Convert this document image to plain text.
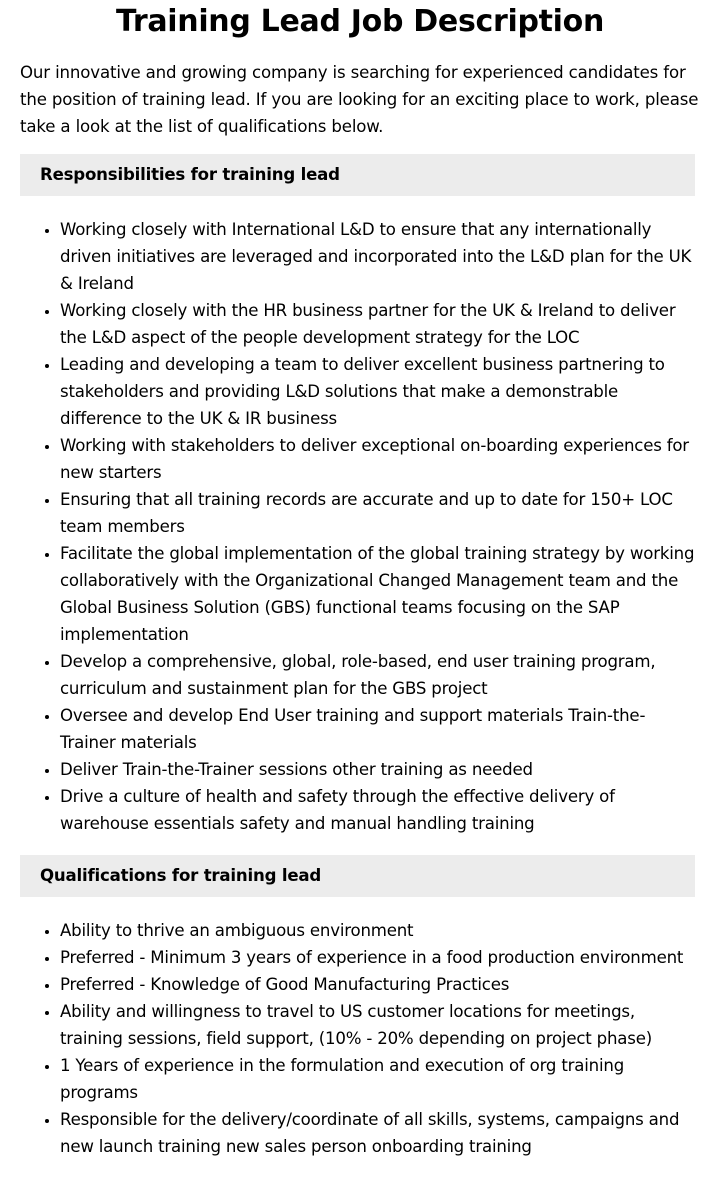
Training Lead Job Description

Our innovative and growing company is searching for experienced candidates for the position of training lead. If you are looking for an exciting place to work, please take a look at the list of qualifications below.

Responsibilities for training lead
• Working closely with International L&D to ensure that any internationally driven initiatives are leveraged and incorporated into the L&D plan for the UK & Ireland
• Working closely with the HR business partner for the UK & Ireland to deliver the L&D aspect of the people development strategy for the LOC
• Leading and developing a team to deliver excellent business partnering to stakeholders and providing L&D solutions that make a demonstrable difference to the UK & IR business
• Working with stakeholders to deliver exceptional on-boarding experiences for new starters
• Ensuring that all training records are accurate and up to date for 150+ LOC team members
• Facilitate the global implementation of the global training strategy by working collaboratively with the Organizational Changed Management team and the Global Business Solution (GBS) functional teams focusing on the SAP implementation
• Develop a comprehensive, global, role-based, end user training program, curriculum and sustainment plan for the GBS project
• Oversee and develop End User training and support materials Train-the-Trainer materials
• Deliver Train-the-Trainer sessions other training as needed
• Drive a culture of health and safety through the effective delivery of warehouse essentials safety and manual handling training
Qualifications for training lead
• Ability to thrive an ambiguous environment
• Preferred - Minimum 3 years of experience in a food production environment
• Preferred - Knowledge of Good Manufacturing Practices
• Ability and willingness to travel to US customer locations for meetings, training sessions, field support, (10% - 20% depending on project phase)
• 1 Years of experience in the formulation and execution of org training programs
• Responsible for the delivery/coordinate of all skills, systems, campaigns and new launch training new sales person onboarding training
